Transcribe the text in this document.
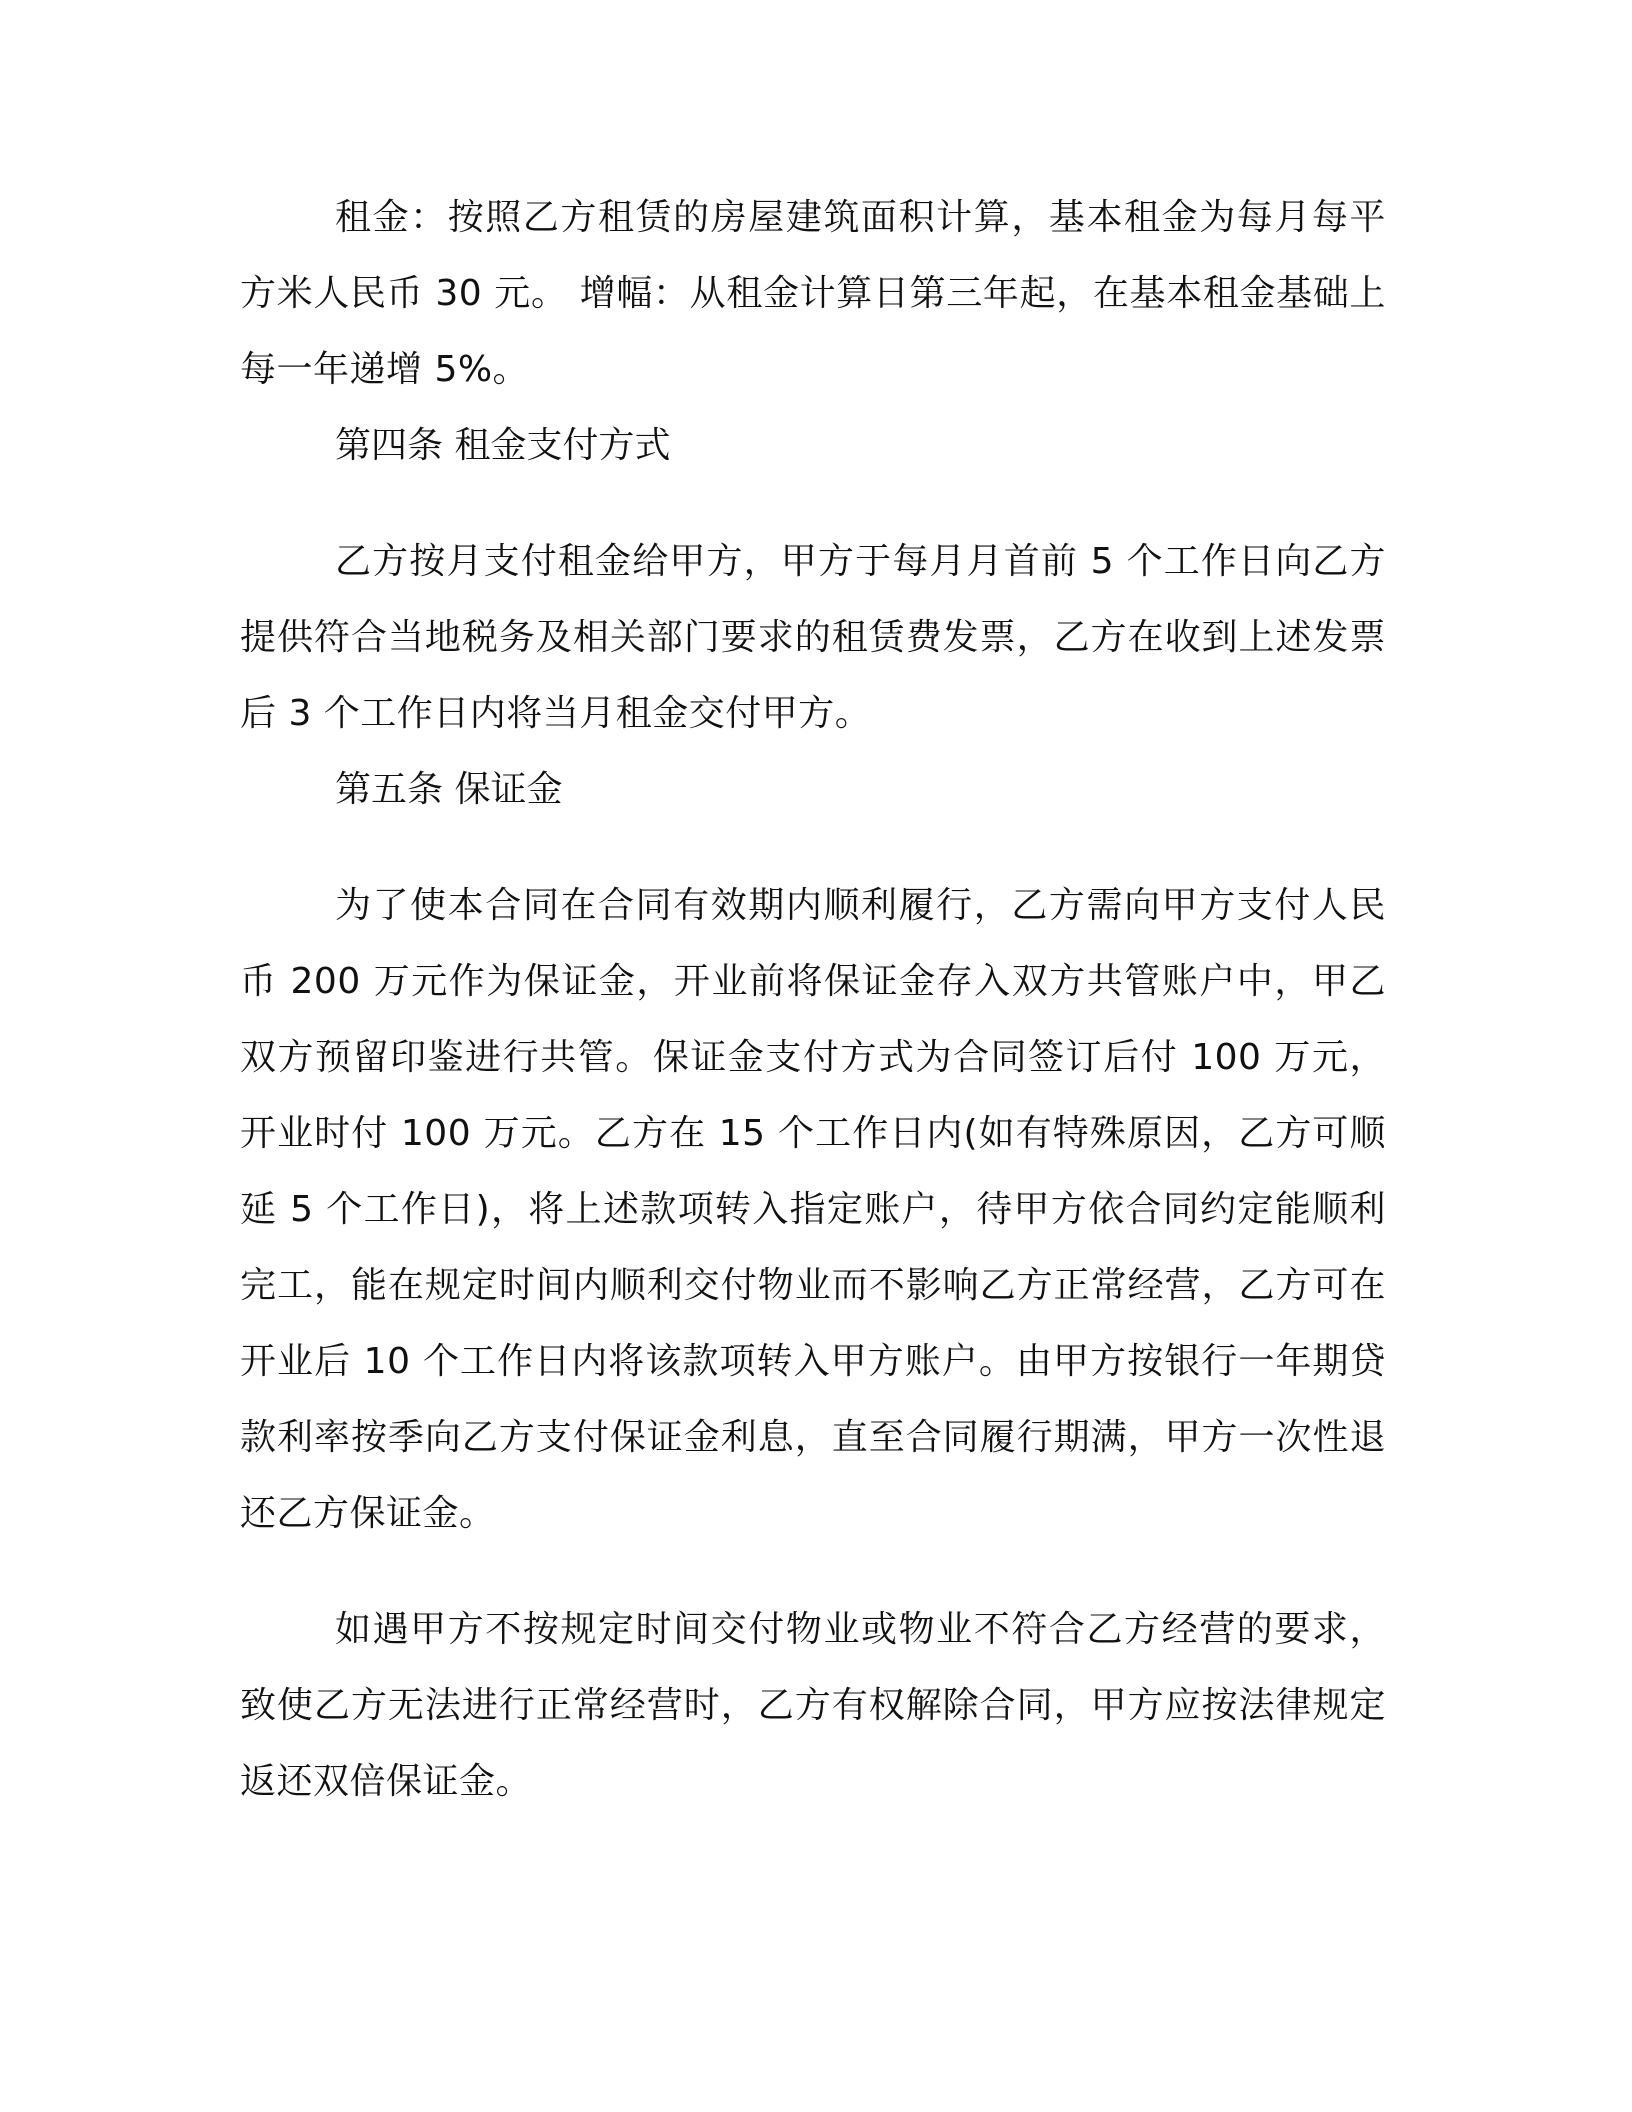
租金：按照乙方租赁的房屋建筑面积计算，基本租金为每月每平方米人民币 30 元。 增幅：从租金计算日第三年起，在基本租金基础上每一年递增 5%。

第四条 租金支付方式

乙方按月支付租金给甲方，甲方于每月月首前 5 个工作日向乙方提供符合当地税务及相关部门要求的租赁费发票，乙方在收到上述发票后 3 个工作日内将当月租金交付甲方。

第五条 保证金

为了使本合同在合同有效期内顺利履行，乙方需向甲方支付人民币 200 万元作为保证金，开业前将保证金存入双方共管账户中，甲乙双方预留印鉴进行共管。保证金支付方式为合同签订后付 100 万元，开业时付 100 万元。乙方在 15 个工作日内(如有特殊原因，乙方可顺延 5 个工作日)，将上述款项转入指定账户，待甲方依合同约定能顺利完工，能在规定时间内顺利交付物业而不影响乙方正常经营，乙方可在开业后 10 个工作日内将该款项转入甲方账户。由甲方按银行一年期贷款利率按季向乙方支付保证金利息，直至合同履行期满，甲方一次性退还乙方保证金。

如遇甲方不按规定时间交付物业或物业不符合乙方经营的要求，致使乙方无法进行正常经营时，乙方有权解除合同，甲方应按法律规定返还双倍保证金。
